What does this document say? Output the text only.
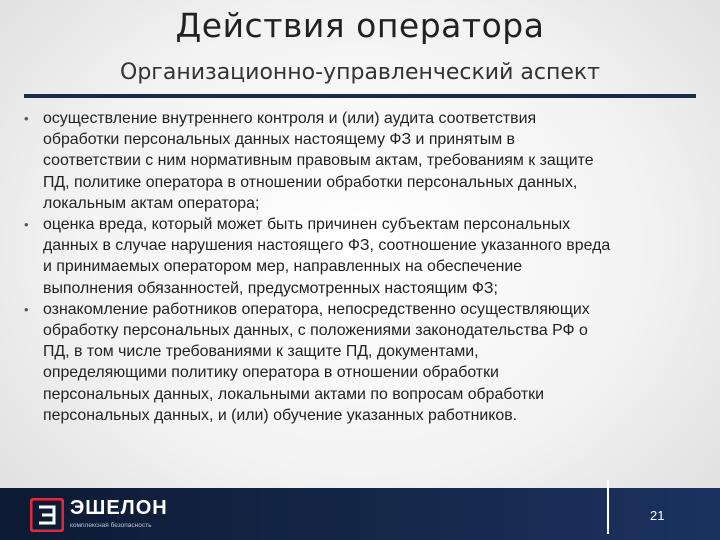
Действия оператора
Организационно-управленческий аспект
• осуществление внутреннего контроля и (или) аудита соответствия
обработки персональных данных настоящему ФЗ и принятым в
соответствии с ним нормативным правовым актам, требованиям к защите
ПД, политике оператора в отношении обработки персональных данных,
локальным актам оператора;
• оценка вреда, который может быть причинен субъектам персональных
данных в случае нарушения настоящего ФЗ, соотношение указанного вреда
и принимаемых оператором мер, направленных на обеспечение
выполнения обязанностей, предусмотренных настоящим ФЗ;
• ознакомление работников оператора, непосредственно осуществляющих
обработку персональных данных, с положениями законодательства РФ о
ПД, в том числе требованиями к защите ПД, документами,
определяющими политику оператора в отношении обработки
персональных данных, локальными актами по вопросам обработки
персональных данных, и (или) обучение указанных работников.
ЭШЕЛОН
комплексная безопасность
21
